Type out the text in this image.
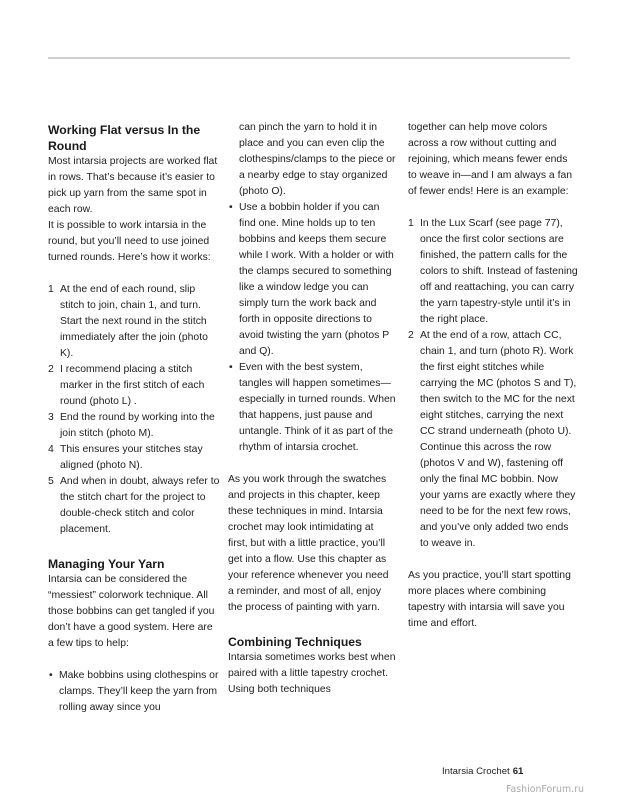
Working Flat versus In the Round

Most intarsia projects are worked flat in rows. That’s because it’s easier to pick up yarn from the same spot in each row.

It is possible to work intarsia in the round, but you’ll need to use joined turned rounds. Here’s how it works:

1 At the end of each round, slip stitch to join, chain 1, and turn. Start the next round in the stitch immediately after the join (photo K).
2 I recommend placing a stitch marker in the first stitch of each round (photo L) .
3 End the round by working into the join stitch (photo M).
4 This ensures your stitches stay aligned (photo N).
5 And when in doubt, always refer to the stitch chart for the project to double-check stitch and color placement.
Managing Your Yarn

Intarsia can be considered the “messiest” colorwork technique. All those bobbins can get tangled if you don’t have a good system. Here are a few tips to help:

• Make bobbins using clothespins or clamps. They’ll keep the yarn from rolling away since you

can pinch the yarn to hold it in place and you can even clip the clothespins/clamps to the piece or a nearby edge to stay organized (photo O).

• Use a bobbin holder if you can find one. Mine holds up to ten bobbins and keeps them secure while I work. With a holder or with the clamps secured to something like a window ledge you can simply turn the work back and forth in opposite directions to avoid twisting the yarn (photos P and Q).
• Even with the best system, tangles will happen sometimes—especially in turned rounds. When that happens, just pause and untangle. Think of it as part of the rhythm of intarsia crochet.

As you work through the swatches and projects in this chapter, keep these techniques in mind. Intarsia crochet may look intimidating at first, but with a little practice, you’ll get into a flow. Use this chapter as your reference whenever you need a reminder, and most of all, enjoy the process of painting with yarn.

Combining Techniques

Intarsia sometimes works best when paired with a little tapestry crochet. Using both techniques

together can help move colors across a row without cutting and rejoining, which means fewer ends to weave in—and I am always a fan of fewer ends! Here is an example:

1 In the Lux Scarf (see page 77), once the first color sections are finished, the pattern calls for the colors to shift. Instead of fastening off and reattaching, you can carry the yarn tapestry-style until it’s in the right place.
2 At the end of a row, attach CC, chain 1, and turn (photo R). Work the first eight stitches while carrying the MC (photos S and T), then switch to the MC for the next eight stitches, carrying the next CC strand underneath (photo U). Continue this across the row (photos V and W), fastening off only the final MC bobbin. Now your yarns are exactly where they need to be for the next few rows, and you’ve only added two ends to weave in.

As you practice, you’ll start spotting more places where combining tapestry with intarsia will save you time and effort.

Intarsia Crochet 61
FashionForum.ru
